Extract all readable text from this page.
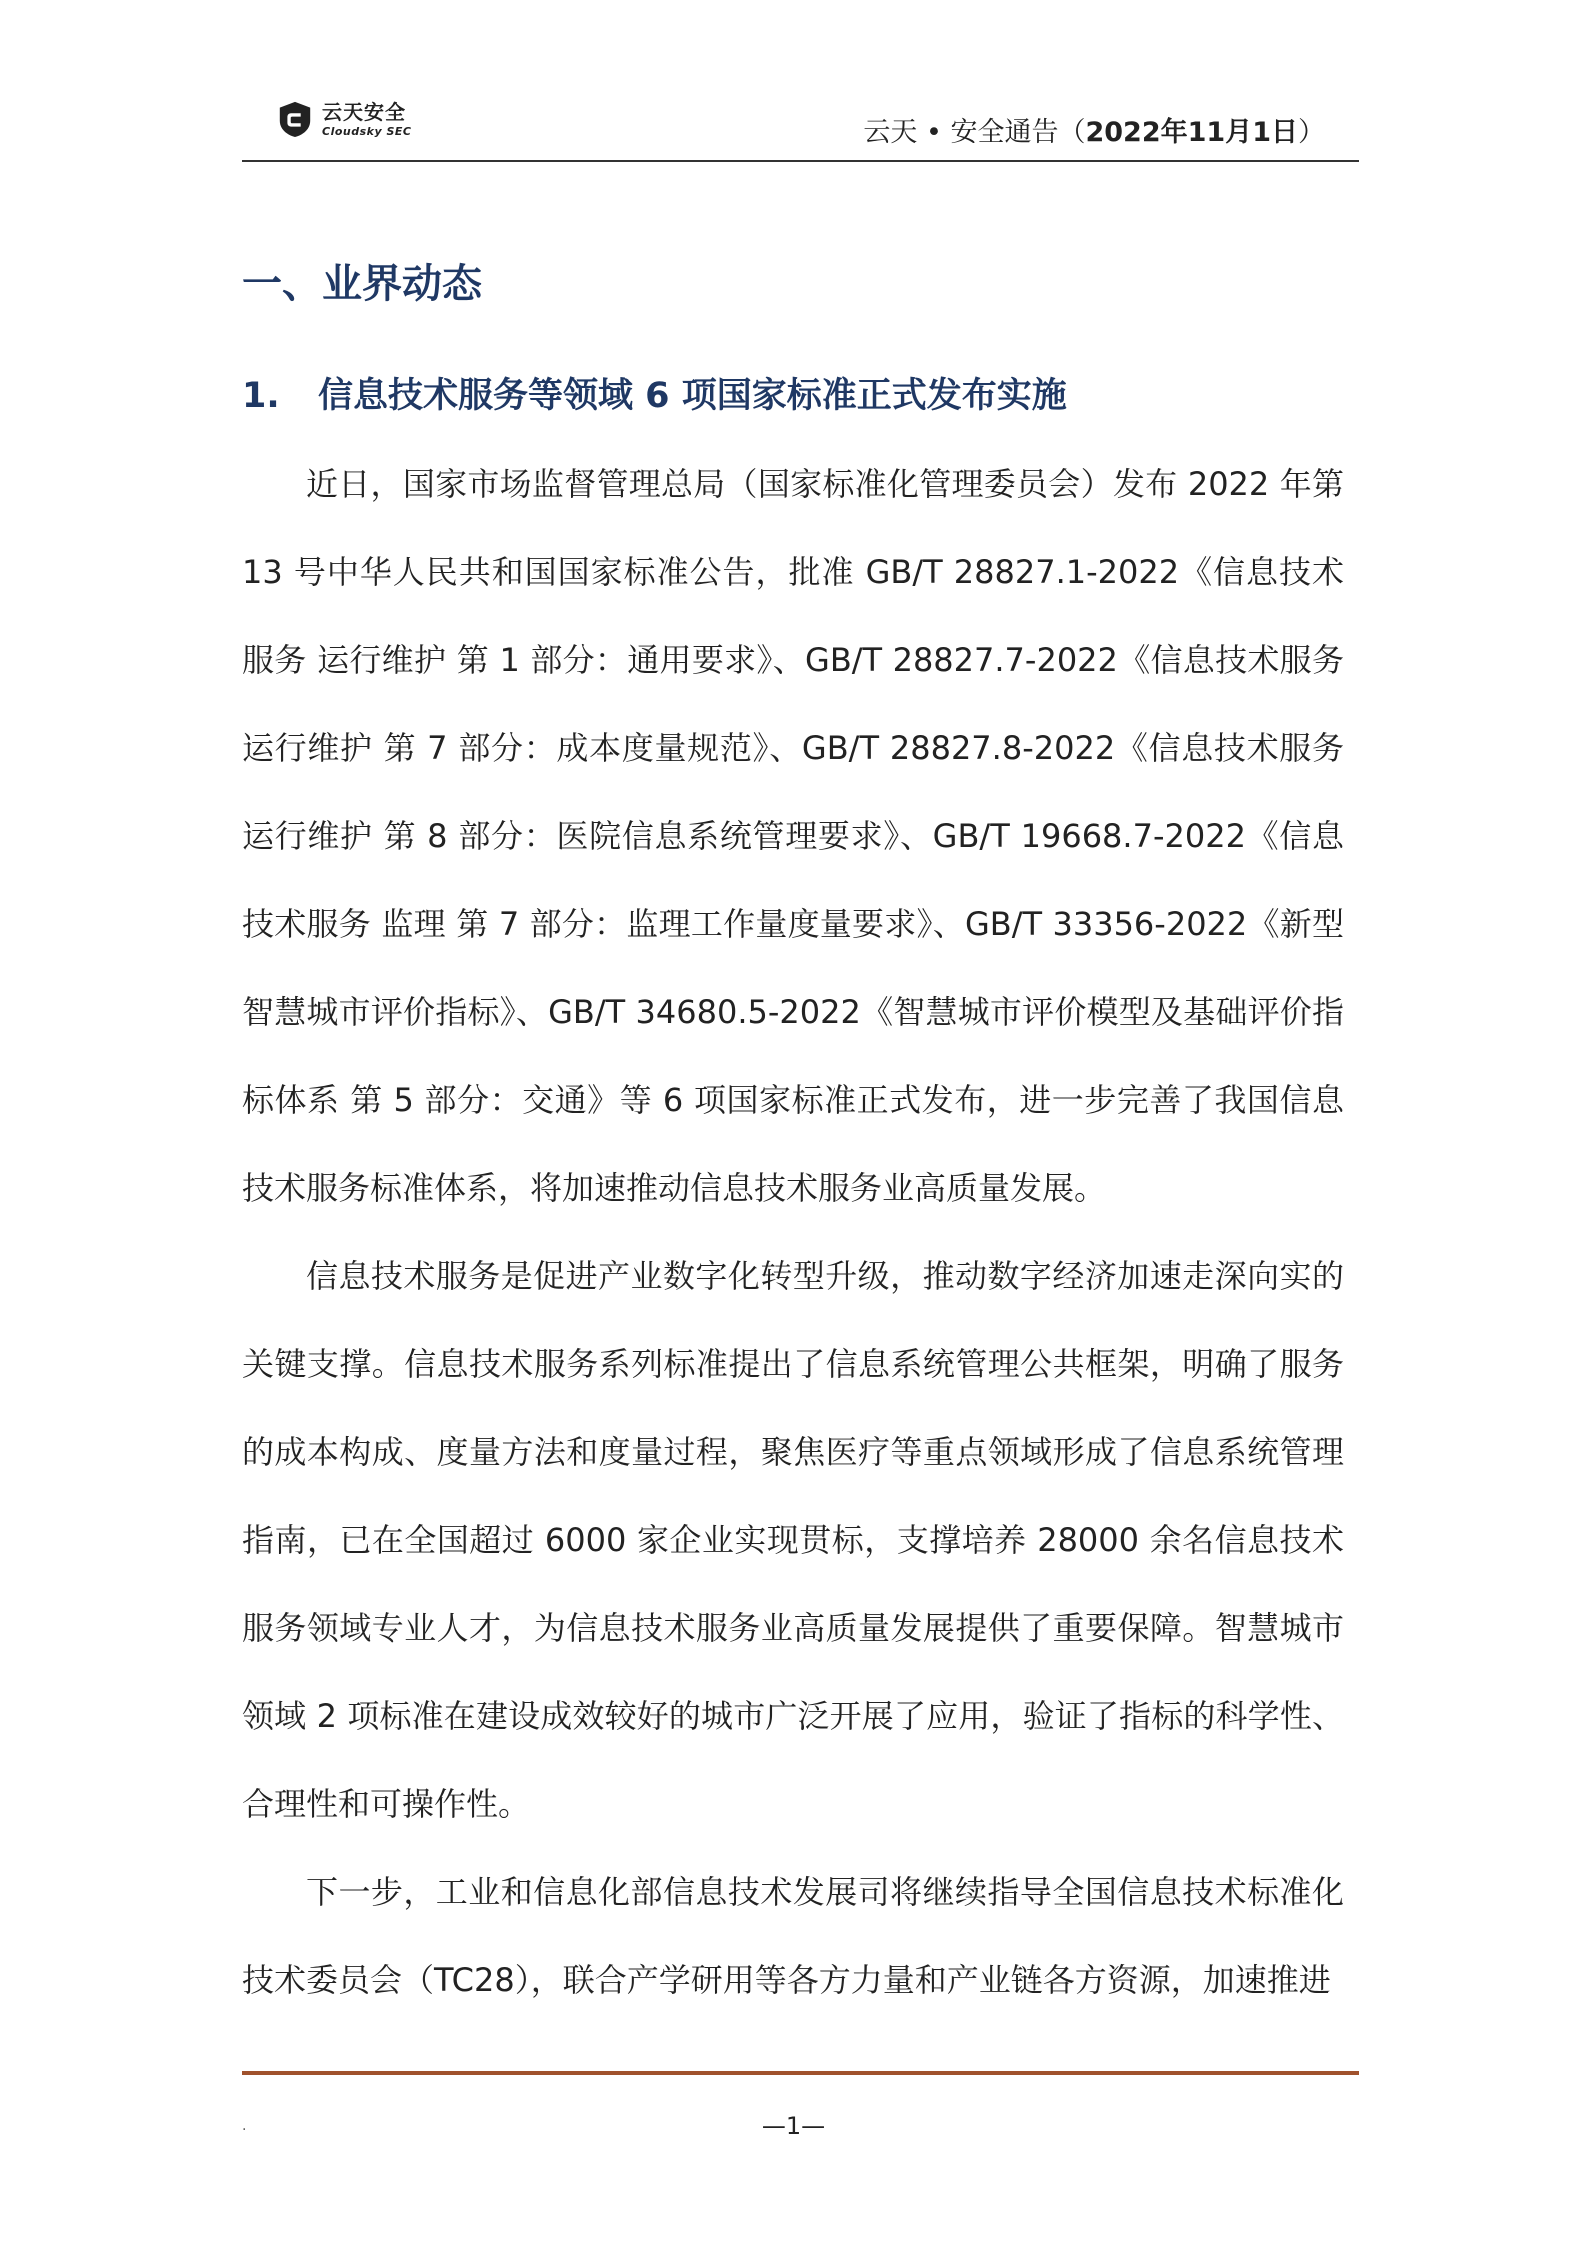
云天安全
Cloudsky SEC	云天 • 安全通告（2022年11月1日）
一、业界动态
1. 信息技术服务等领域 6 项国家标准正式发布实施

近日，国家市场监督管理总局（国家标准化管理委员会）发布 2022 年第 13 号中华人民共和国国家标准公告，批准 GB/T 28827.1-2022《信息技术服务 运行维护 第 1 部分：通用要求》、GB/T 28827.7-2022《信息技术服务 运行维护 第 7 部分：成本度量规范》、GB/T 28827.8-2022《信息技术服务 运行维护 第 8 部分：医院信息系统管理要求》、GB/T 19668.7-2022《信息技术服务 监理 第 7 部分：监理工作量度量要求》、GB/T 33356-2022《新型智慧城市评价指标》、GB/T 34680.5-2022《智慧城市评价模型及基础评价指标体系 第 5 部分：交通》等 6 项国家标准正式发布，进一步完善了我国信息技术服务标准体系，将加速推动信息技术服务业高质量发展。

信息技术服务是促进产业数字化转型升级，推动数字经济加速走深向实的关键支撑。信息技术服务系列标准提出了信息系统管理公共框架，明确了服务的成本构成、度量方法和度量过程，聚焦医疗等重点领域形成了信息系统管理指南，已在全国超过 6000 家企业实现贯标，支撑培养 28000 余名信息技术服务领域专业人才，为信息技术服务业高质量发展提供了重要保障。智慧城市领域 2 项标准在建设成效较好的城市广泛开展了应用，验证了指标的科学性、合理性和可操作性。

下一步，工业和信息化部信息技术发展司将继续指导全国信息技术标准化技术委员会（TC28），联合产学研用等各方力量和产业链各方资源，加速推进

.	—1—
